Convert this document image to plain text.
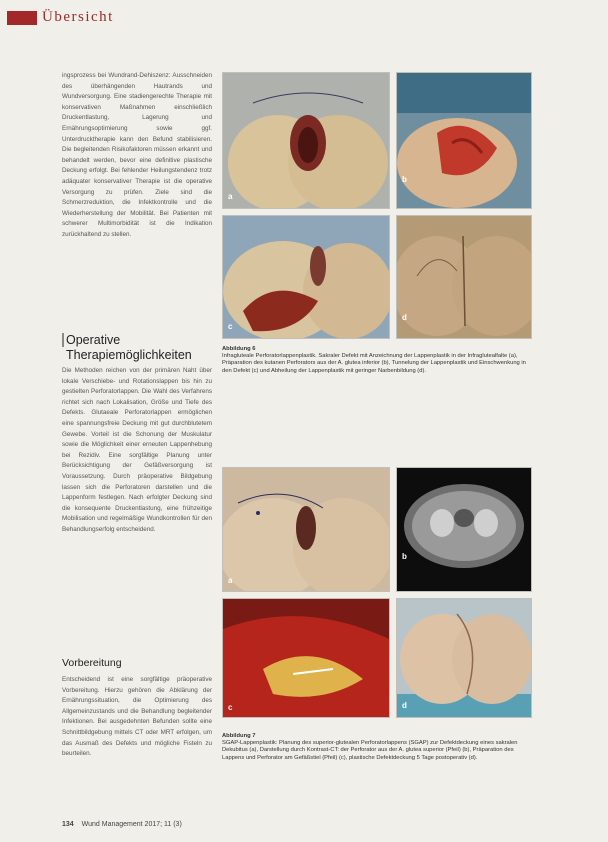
Übersicht

ingsprozess bei Wundrand-Dehiszenz: Ausschneiden des überhängenden Hautrands und Wundversorgung. Eine stadiengerechte Therapie mit konservativen Maßnahmen einschließlich Druckentlastung, Lagerung und Ernährungsoptimierung sowie ggf. Unterdrucktherapie kann den Befund stabilisieren. Die begleitenden Risikofaktoren müssen erkannt und behandelt werden, bevor eine definitive plastische Deckung erfolgt. Bei fehlender Heilungstendenz trotz adäquater konservativer Therapie ist die operative Versorgung zu prüfen. Ziele sind die Schmerzreduktion, die Infektkontrolle und die Wiederherstellung der Mobilität. Bei Patienten mit schwerer Multimorbidität ist die Indikation zurückhaltend zu stellen.

Operative
Therapiemöglichkeiten

Die Methoden reichen von der primären Naht über lokale Verschiebe- und Rotationslappen bis hin zu gestielten Perforatorlappen. Die Wahl des Verfahrens richtet sich nach Lokalisation, Größe und Tiefe des Defekts. Glutaeale Perforatorlappen ermöglichen eine spannungsfreie Deckung mit gut durchblutetem Gewebe. Vorteil ist die Schonung der Muskulatur sowie die Möglichkeit einer erneuten Lappenhebung bei Rezidiv. Eine sorgfältige Planung unter Berücksichtigung der Gefäßversorgung ist Voraussetzung. Durch präoperative Bildgebung lassen sich die Perforatoren darstellen und die Lappenform festlegen. Nach erfolgter Deckung sind die konsequente Druckentlastung, eine frühzeitige Mobilisation und regelmäßige Wundkontrollen für den Behandlungserfolg entscheidend.

Vorbereitung

Entscheidend ist eine sorgfältige präoperative Vorbereitung. Hierzu gehören die Abklärung der Ernährungssituation, die Optimierung des Allgemeinzustands und die Behandlung begleitender Infektionen. Bei ausgedehnten Befunden sollte eine Schnittbildgebung mittels CT oder MRT erfolgen, um das Ausmaß des Defekts und mögliche Fisteln zu beurteilen.

a
b
c
d
Abbildung 6
Infragluteale Perforatorlappenplastik. Sakraler Defekt mit Anzeichnung der Lappenplastik in der Infraglutealfalte (a), Präparation des kutanen Perforators aus der A. glutea inferior (b), Tunnelung der Lappenplastik und Einschwenkung in den Defekt (c) und Abheilung der Lappenplastik mit geringer Narbenbildung (d).
a
b
c	d
Abbildung 7
SGAP-Lappenplastik: Planung des superior-glutealen Perforatorlappens (SGAP) zur Defektdeckung eines sakralen Dekubitus (a), Darstellung durch Kontrast-CT: der Perforator aus der A. glutea superior (Pfeil) (b), Präparation des Lappens und Perforator am Gefäßstiel (Pfeil) (c), plastische Defektdeckung 5 Tage postoperativ (d).
134 Wund Management 2017; 11 (3)
